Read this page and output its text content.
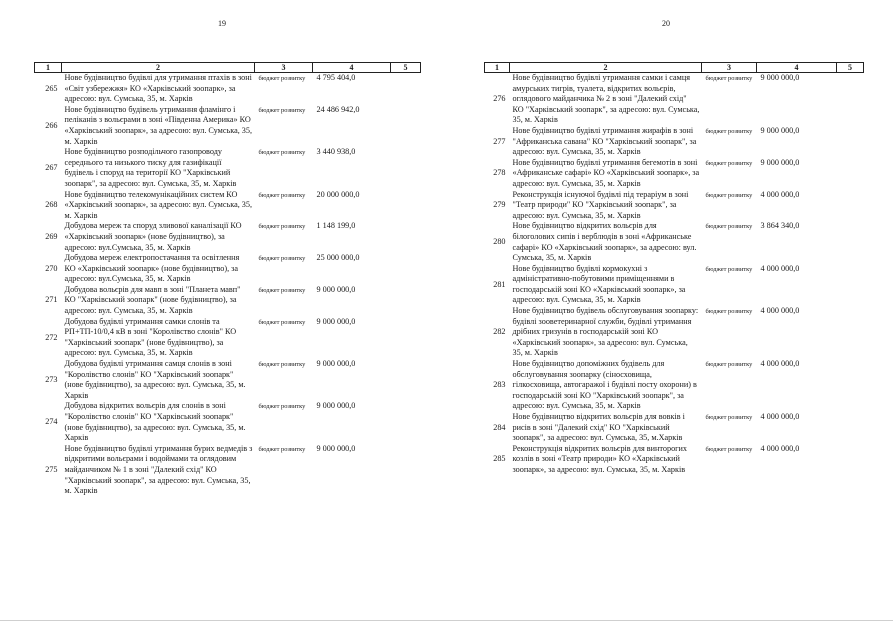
19	20
1	2	3	4	5
265	Нове будівництво будівлі для утримання птахів в зоні «Світ узбережжя» КО «Харківський зоопарк», за адресою: вул. Сумська, 35, м. Харків	бюджет розвитку	4 795 404,0	
266	Нове будівництво будівель утримання фламінго і пеліканів з вольєрами в зоні «Південна Америка» КО «Харківський зоопарк», за адресою: вул. Сумська, 35, м. Харків	бюджет розвитку	24 486 942,0	
267	Нове будівництво розподільчого газопроводу середнього та низького тиску для газифікації будівель і споруд на території КО "Харківський зоопарк", за адресою: вул. Сумська, 35, м. Харків	бюджет розвитку	3 440 938,0	
268	Нове будівництво телекомунікаційних систем КО «Харківський зоопарк», за адресою: вул. Сумська, 35, м. Харків	бюджет розвитку	20 000 000,0	
269	Добудова мереж та споруд зливової каналізації КО «Харківський зоопарк» (нове будівництво), за адресою: вул.Сумська, 35, м. Харків	бюджет розвитку	1 148 199,0	
270	Добудова мереж електропостачання та освітлення КО «Харківський зоопарк» (нове будівництво), за адресою: вул.Сумська, 35, м. Харків	бюджет розвитку	25 000 000,0	
271	Добудова вольєрів для мавп в зоні "Планета мавп" КО "Харківський зоопарк" (нове будівництво), за адресою: вул. Сумська, 35, м. Харків	бюджет розвитку	9 000 000,0	
272	Добудова будівлі утримання самки слонів та РП+ТП-10/0,4 кВ в зоні "Королівство слонів" КО "Харківський зоопарк" (нове будівництво), за адресою: вул. Сумська, 35, м. Харків	бюджет розвитку	9 000 000,0	
273	Добудова будівлі утримання самця слонів в зоні "Королівство слонів" КО "Харківський зоопарк" (нове будівництво), за адресою: вул. Сумська, 35, м. Харків	бюджет розвитку	9 000 000,0	
274	Добудова відкритих вольєрів для слонів в зоні "Королівство слонів" КО "Харківський зоопарк" (нове будівництво), за адресою: вул. Сумська, 35, м. Харків	бюджет розвитку	9 000 000,0	
275	Нове будівництво будівлі утримання бурих ведмедів з відкритими вольєрами і водоймами та оглядовим майданчиком № 1 в зоні "Далекий схід" КО "Харківський зоопарк", за адресою: вул. Сумська, 35, м. Харків	бюджет розвитку	9 000 000,0	
1	2	3	4	5
276	Нове будівництво будівлі утримання самки і самця амурських тигрів, туалета, відкритих вольєрів, оглядового майданчика № 2 в зоні "Далекий схід" КО "Харківський зоопарк", за адресою: вул. Сумська, 35, м. Харків	бюджет розвитку	9 000 000,0	
277	Нове будівництво будівлі утримання жирафів в зоні "Африканська савана" КО "Харківський зоопарк", за адресою: вул. Сумська, 35, м. Харків	бюджет розвитку	9 000 000,0	
278	Нове будівництво будівлі утримання бегемотів в зоні «Африканське сафарі» КО «Харківський зоопарк», за адресою: вул. Сумська, 35, м. Харків	бюджет розвитку	9 000 000,0	
279	Реконструкція існуючої будівлі під тераріум в зоні "Театр природи" КО "Харківський зоопарк", за адресою: вул. Сумська, 35, м. Харків	бюджет розвитку	4 000 000,0	
280	Нове будівництво відкритих вольєрів для білоголових сипів і верблюдів в зоні «Африканське сафарі» КО «Харківський зоопарк», за адресою: вул. Сумська, 35, м. Харків	бюджет розвитку	3 864 340,0	
281	Нове будівництво будівлі кормокухні з адміністративно-побутовими приміщеннями в господарській зоні КО «Харківський зоопарк», за адресою: вул. Сумська, 35, м. Харків	бюджет розвитку	4 000 000,0	
282	Нове будівництво будівель обслуговування зоопарку: будівлі зооветеринарної служби, будівлі утримання дрібних гризунів в господарській зоні КО «Харківський зоопарк», за адресою: вул. Сумська, 35, м. Харків	бюджет розвитку	4 000 000,0	
283	Нове будівництво допоміжних будівель для обслуговування зоопарку (сіносховища, гілкосховища, автогаражої і будівлі посту охорони) в господарській зоні КО "Харківський зоопарк", за адресою: вул. Сумська, 35, м. Харків	бюджет розвитку	4 000 000,0	
284	Нове будівництво відкритих вольєрів для вовків і рисів в зоні "Далекий схід" КО "Харківський зоопарк", за адресою: вул. Сумська, 35, м.Харків	бюджет розвитку	4 000 000,0	
285	Реконструкція відкритих вольєрів для винторогих козлів в зоні «Театр природи» КО «Харківський зоопарк», за адресою: вул. Сумська, 35, м. Харків	бюджет розвитку	4 000 000,0	
